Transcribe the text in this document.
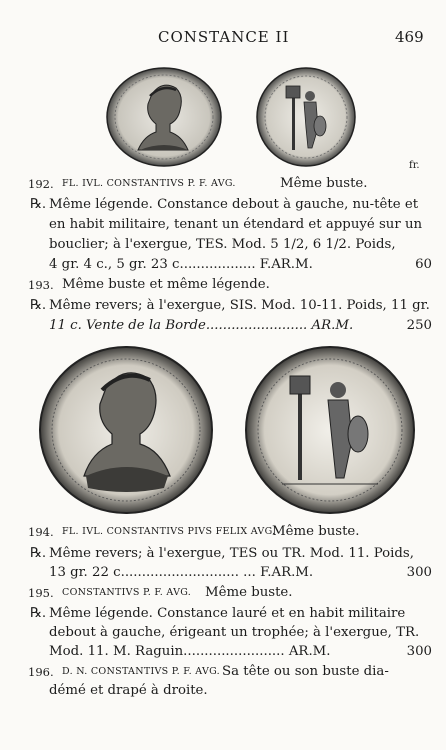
CONSTANCE II	469
fr.
192. FL. IVL. CONSTANTIVS P. F. AVG.	Même buste.
℞. Même légende. Constance debout à gauche, nu-tête et
en habit militaire, tenant un étendard et appuyé sur un
bouclier; à l'exergue, TES. Mod. 5 1/2, 6 1/2. Poids,
4 gr. 4 c., 5 gr. 23 c.................. F.AR.M.	60
193. Même buste et même légende.
℞. Même revers; à l'exergue, SIS. Mod. 10-11. Poids, 11 gr.
11 c. Vente de la Borde........................ AR.M.	250
194. FL. IVL. CONSTANTIVS PIVS FELIX AVG.
Même buste.
℞. Même revers; à l'exergue, TES ou TR. Mod. 11. Poids,
13 gr. 22 c............................ ... F.AR.M.	300
195. CONSTANTIVS P. F. AVG. Même buste.
℞. Même légende. Constance lauré et en habit militaire
debout à gauche, érigeant un trophée; à l'exergue, TR.
Mod. 11. M. Raguin........................ AR.M.	300
196. D. N. CONSTANTIVS P. F. AVG. Sa tête ou son buste dia-
démé et drapé à droite.
